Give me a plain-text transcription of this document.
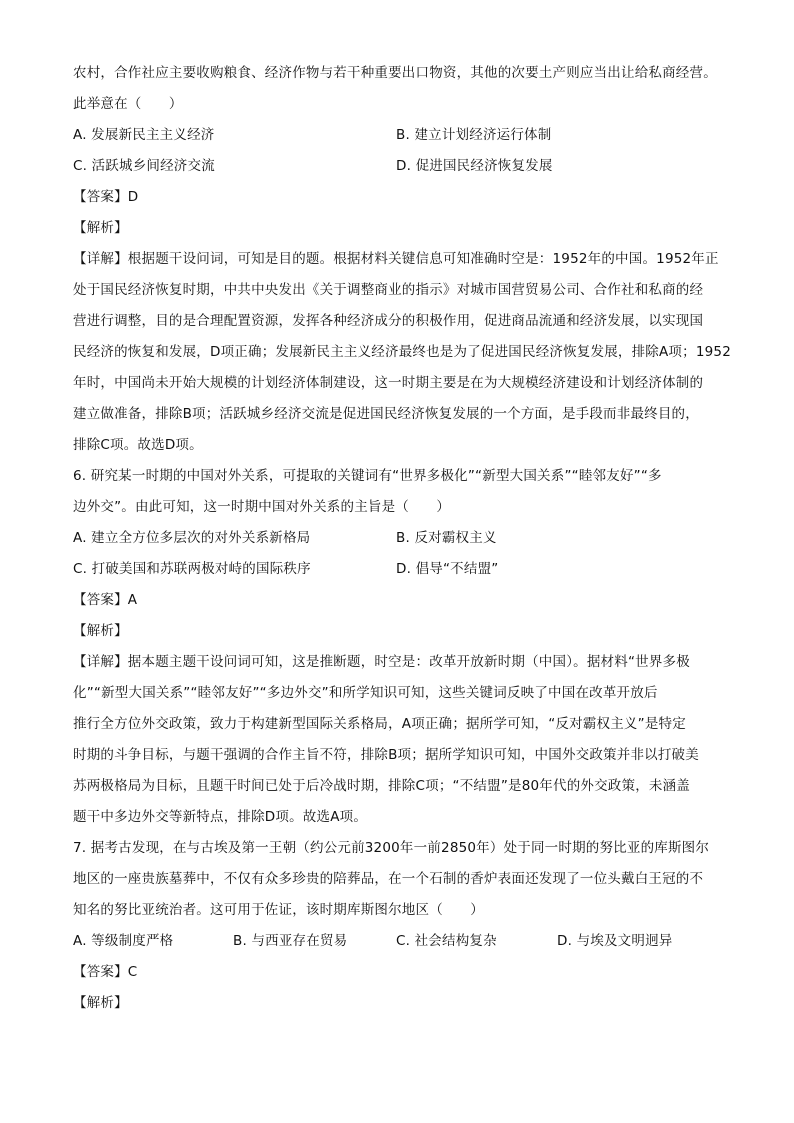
农村，合作社应主要收购粮食、经济作物与若干种重要出口物资，其他的次要土产则应当出让给私商经营。
此举意在（　　）
A. 发展新民主主义经济	B. 建立计划经济运行体制
C. 活跃城乡间经济交流	D. 促进国民经济恢复发展
【答案】D
【解析】
【详解】根据题干设问词，可知是目的题。根据材料关键信息可知准确时空是：1952年的中国。1952年正
处于国民经济恢复时期，中共中央发出《关于调整商业的指示》对城市国营贸易公司、合作社和私商的经
营进行调整，目的是合理配置资源，发挥各种经济成分的积极作用，促进商品流通和经济发展，以实现国
民经济的恢复和发展，D项正确；发展新民主主义经济最终也是为了促进国民经济恢复发展，排除A项；1952
年时，中国尚未开始大规模的计划经济体制建设，这一时期主要是在为大规模经济建设和计划经济体制的
建立做准备，排除B项；活跃城乡经济交流是促进国民经济恢复发展的一个方面，是手段而非最终目的，
排除C项。故选D项。
6. 研究某一时期的中国对外关系，可提取的关键词有“世界多极化”“新型大国关系”“睦邻友好”“多
边外交”。由此可知，这一时期中国对外关系的主旨是（　　）
A. 建立全方位多层次的对外关系新格局	B. 反对霸权主义
C. 打破美国和苏联两极对峙的国际秩序	D. 倡导“不结盟”
【答案】A
【解析】
【详解】据本题主题干设问词可知，这是推断题，时空是：改革开放新时期（中国）。据材料“世界多极
化”“新型大国关系”“睦邻友好”“多边外交”和所学知识可知，这些关键词反映了中国在改革开放后
推行全方位外交政策，致力于构建新型国际关系格局，A项正确；据所学可知，“反对霸权主义”是特定
时期的斗争目标，与题干强调的合作主旨不符，排除B项；据所学知识可知，中国外交政策并非以打破美
苏两极格局为目标，且题干时间已处于后冷战时期，排除C项；“不结盟”是80年代的外交政策，未涵盖
题干中多边外交等新特点，排除D项。故选A项。
7. 据考古发现，在与古埃及第一王朝（约公元前3200年一前2850年）处于同一时期的努比亚的库斯图尔
地区的一座贵族墓葬中，不仅有众多珍贵的陪葬品，在一个石制的香炉表面还发现了一位头戴白王冠的不
知名的努比亚统治者。这可用于佐证，该时期库斯图尔地区（　　）
A. 等级制度严格	B. 与西亚存在贸易	C. 社会结构复杂	D. 与埃及文明迥异
【答案】C
【解析】
